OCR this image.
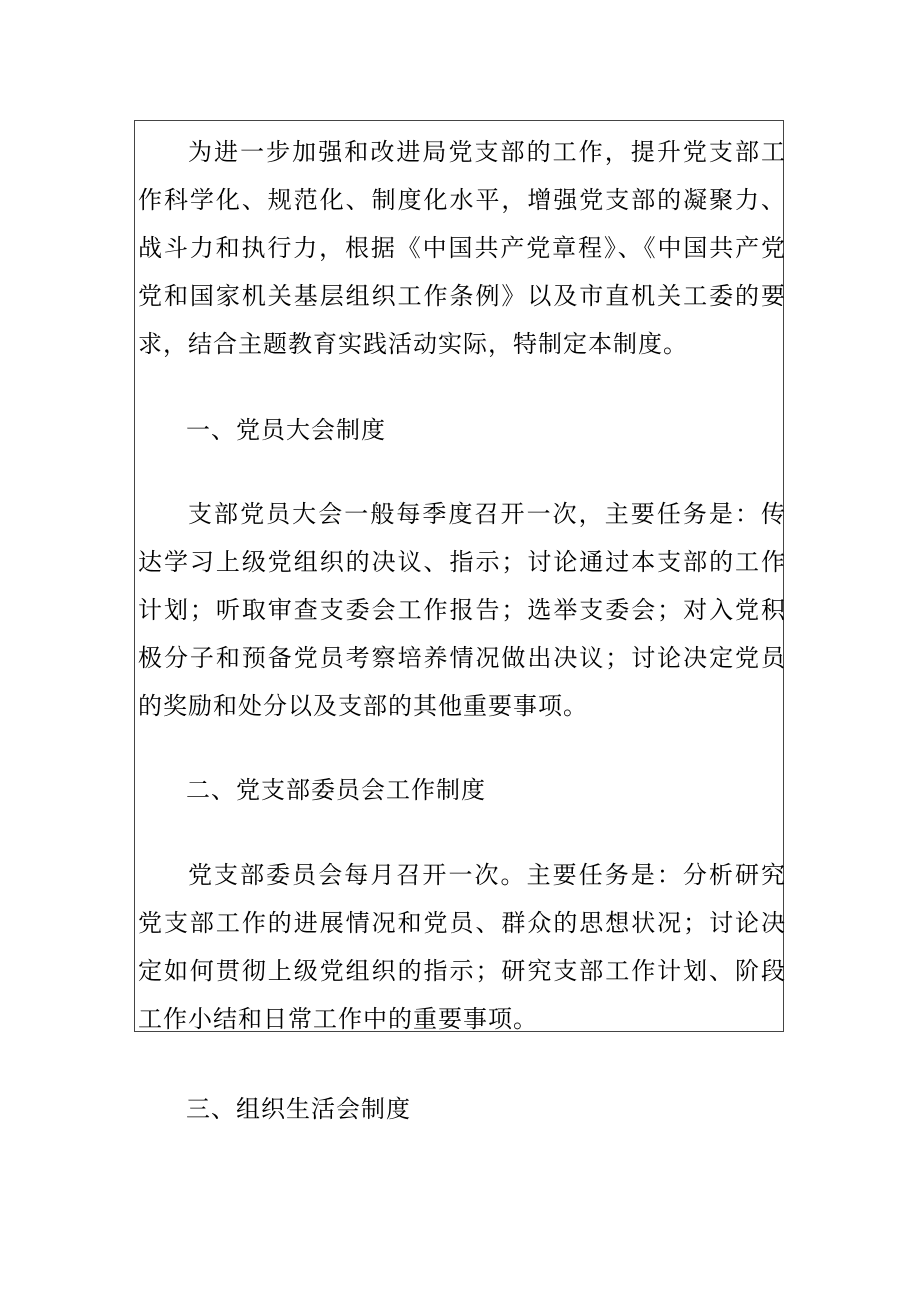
为进一步加强和改进局党支部的工作，提升党支部工作科学化、规范化、制度化水平，增强党支部的凝聚力、战斗力和执行力，根据《中国共产党章程》、《中国共产党党和国家机关基层组织工作条例》以及市直机关工委的要求，结合主题教育实践活动实际，特制定本制度。

一、党员大会制度

支部党员大会一般每季度召开一次，主要任务是：传达学习上级党组织的决议、指示；讨论通过本支部的工作计划；听取审查支委会工作报告；选举支委会；对入党积极分子和预备党员考察培养情况做出决议；讨论决定党员的奖励和处分以及支部的其他重要事项。

二、党支部委员会工作制度

党支部委员会每月召开一次。主要任务是：分析研究党支部工作的进展情况和党员、群众的思想状况；讨论决定如何贯彻上级党组织的指示；研究支部工作计划、阶段工作小结和日常工作中的重要事项。

三、组织生活会制度
